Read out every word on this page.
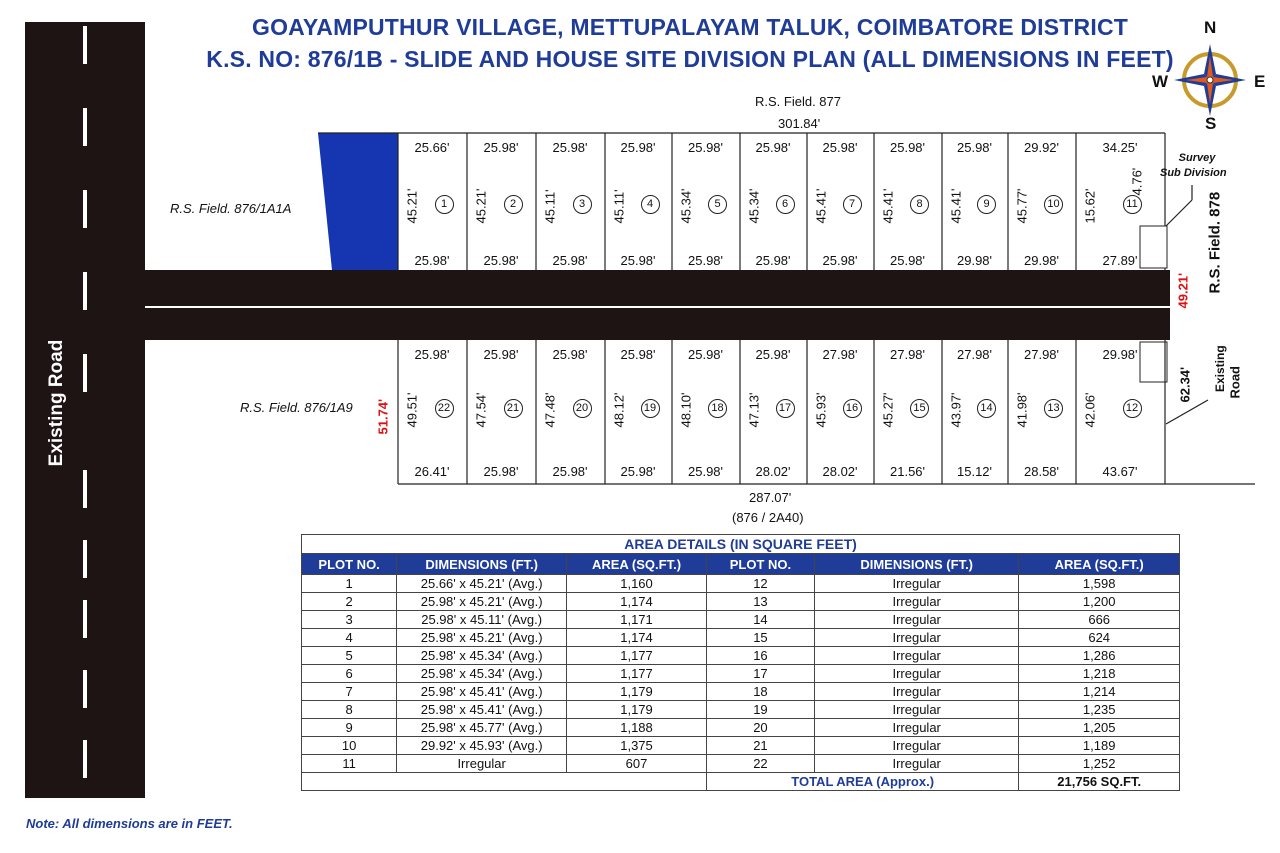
GOAYAMPUTHUR VILLAGE, METTUPALAYAM TALUK, COIMBATORE DISTRICT
K.S. NO: 876/1B - SLIDE AND HOUSE SITE DIVISION PLAN (ALL DIMENSIONS IN FEET)
N
S
W	E
Existing Road
25.66'
25.98'
45.21'	1
25.98'
25.98'
45.21'	2
25.98'
25.98'
45.11'	3
25.98'
25.98'
45.11'	4
25.98'
25.98'
45.34'	5
25.98'
25.98'
45.34'	6
25.98'
25.98'
45.41'	7
25.98'
25.98'
45.41'	8
25.98'
29.98'
45.41'	9
29.92'
29.98'
45.77'	10
34.25'
27.89'
15.62'	11
25.98'
26.41'
49.51'	22
25.98'
25.98'
47.54'	21
25.98'
25.98'
47.48'	20
25.98'
25.98'
48.12'	19
25.98'
25.98'
48.10'	18
25.98'
28.02'
47.13'	17
27.98'
28.02'
45.93'	16
27.98'
21.56'
45.27'	15
27.98'
15.12'
43.97'	14
27.98'
28.58'
41.98'	13
29.98'
43.67'
42.06'	12
R.S. Field. 877
301.84'
R.S. Field. 876/1A1A
R.S. Field. 876/1A9
287.07'
(876 / 2A40)
Survey
Sub Division
R.S. Field. 878
49.21'
51.74'
62.34' Existing Road
4.76'
AREA DETAILS (IN SQUARE FEET)					
PLOT NO.	DIMENSIONS (FT.)	AREA (SQ.FT.)	PLOT NO.	DIMENSIONS (FT.)	AREA (SQ.FT.)
1	25.66' x 45.21' (Avg.)	1,160	12	Irregular	1,598
2	25.98' x 45.21' (Avg.)	1,174	13	Irregular	1,200
3	25.98' x 45.11' (Avg.)	1,171	14	Irregular	666
4	25.98' x 45.21' (Avg.)	1,174	15	Irregular	624
5	25.98' x 45.34' (Avg.)	1,177	16	Irregular	1,286
6	25.98' x 45.34' (Avg.)	1,177	17	Irregular	1,218
7	25.98' x 45.41' (Avg.)	1,179	18	Irregular	1,214
8	25.98' x 45.41' (Avg.)	1,179	19	Irregular	1,235
9	25.98' x 45.77' (Avg.)	1,188	20	Irregular	1,205
10	29.92' x 45.93' (Avg.)	1,375	21	Irregular	1,189
11	Irregular	607	22	Irregular	1,252
			TOTAL AREA (Approx.)		21,756 SQ.FT.
Note: All dimensions are in FEET.
